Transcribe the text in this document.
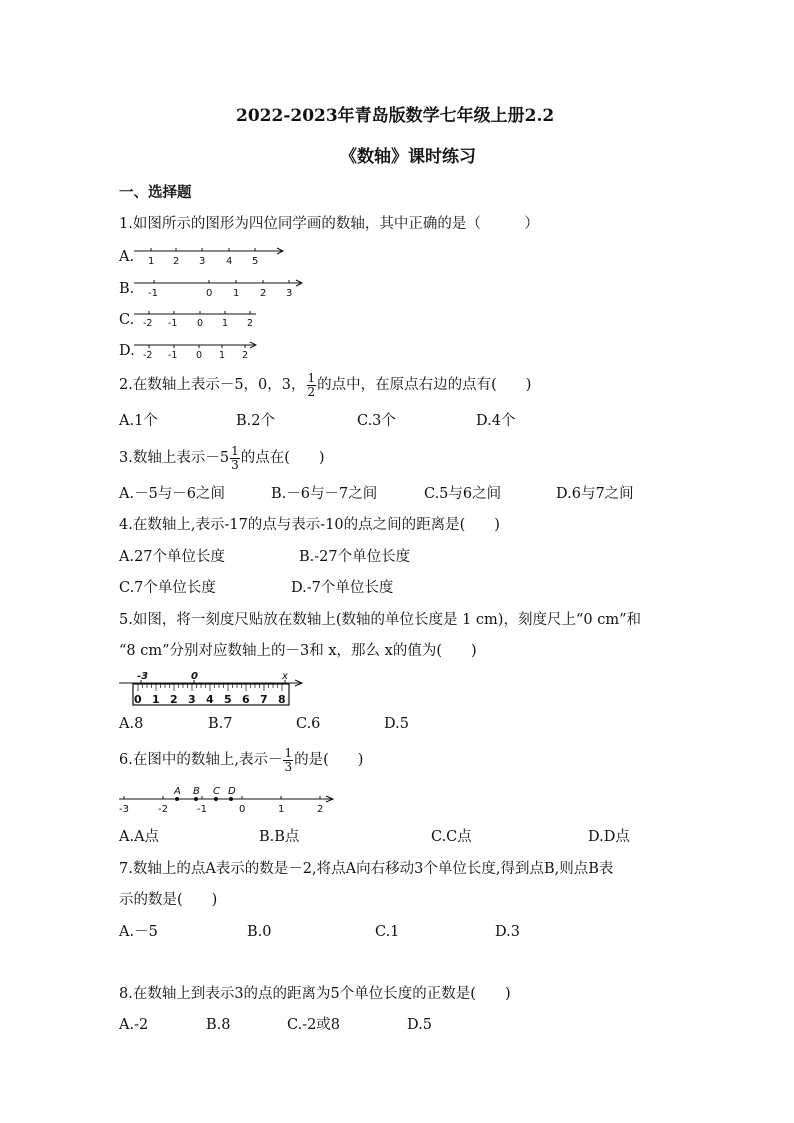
2022-2023年青岛版数学七年级上册2.2
《数轴》课时练习
一、选择题
1.如图所示的图形为四位同学画的数轴，其中正确的是（　　　）
A. 1 2 3 4 5
B. -1	0 1 2 3
C. -2 -1 0 1 2
D. -2 -1 0 1 2
2.在数轴上表示－5，0，3， $\frac{1}{2}$ 的点中，在原点右边的点有(　　)
A.1个	B.2个	C.3个	D.4个
3.数轴上表示$-5 \frac{1}{3}$ 的点在(　　)
A.－5与－6之间	B.－6与－7之间	C.5与6之间	D.6与7之间
4.在数轴上,表示-17的点与表示-10的点之间的距离是(　　)
A.27个单位长度	B.-27个单位长度
C.7个单位长度	D.-7个单位长度
5.如图，将一刻度尺贴放在数轴上(数轴的单位长度是 1 cm)，刻度尺上“0 cm”和
“8 cm”分别对应数轴上的－3和 x，那么 x的值为(　　)
-3	0	x
0 1 2 3 4 5 6 7 8
A.8	B.7	C.6	D.5
6.在图中的数轴上,表示－ $\frac{1}{3}$ 的是(　　)
-3	-2	-1	0	1	2
A B C D
A.A点	B.B点	C.C点	D.D点
7.数轴上的点A表示的数是－2,将点A向右移动3个单位长度,得到点B,则点B表
示的数是(　　)
A.－5	B.0	C.1	D.3
8.在数轴上到表示3的点的距离为5个单位长度的正数是(　　)
A.-2	B.8	C.-2或8	D.5
